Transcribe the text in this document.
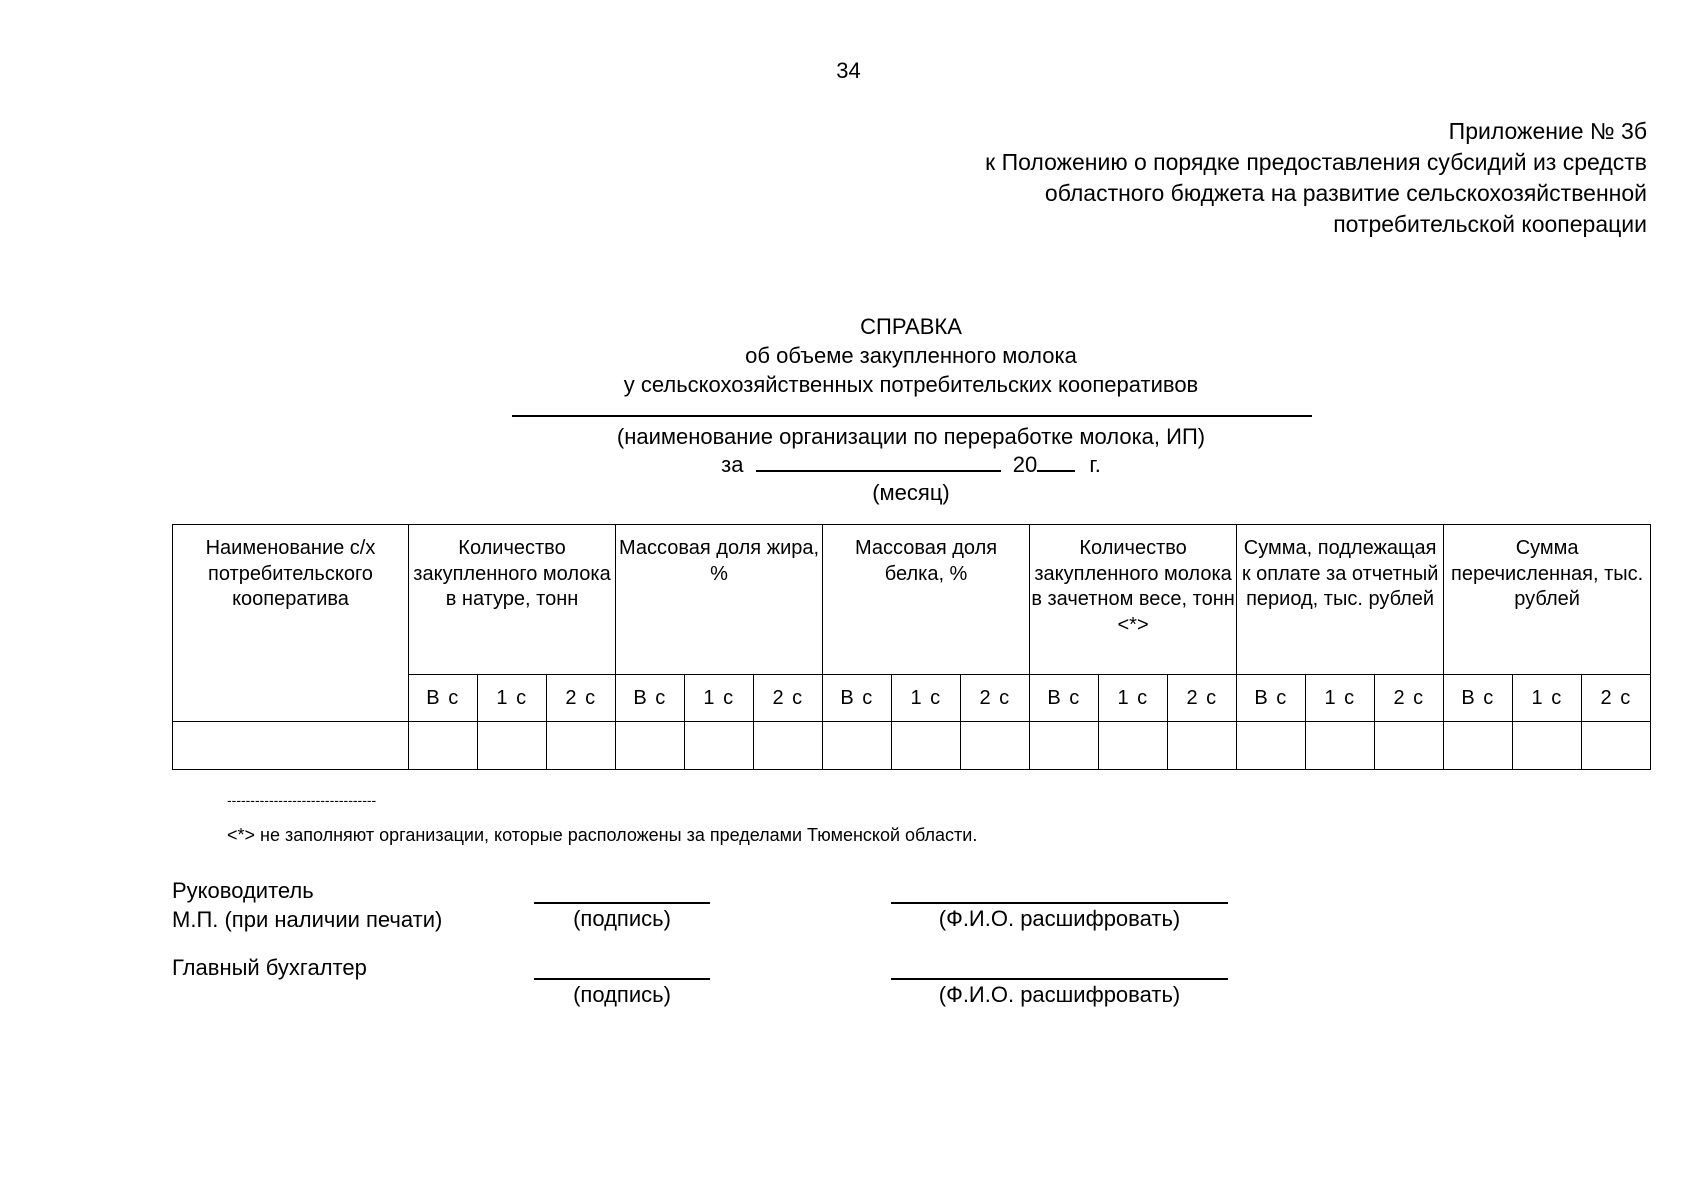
34
Приложение № 3б
к Положению о порядке предоставления субсидий из средств
областного бюджета на развитие сельскохозяйственной
потребительской кооперации
СПРАВКА
об объеме закупленного молока
у сельскохозяйственных потребительских кооперативов
(наименование организации по переработке молока, ИП)
за	20 г.
(месяц)
Наименование с/х потребительского кооператива	Количество закупленного молока в натуре, тонн			Массовая доля жира, %			Массовая доля белка, %			Количество закупленного молока в зачетном весе, тонн <*>			Сумма, подлежащая к оплате за отчетный период, тыс. рублей			Сумма перечисленная, тыс. рублей		
	В с	1 с	2 с	В с	1 с	2 с	В с	1 с	2 с	В с	1 с	2 с	В с	1 с	2 с	В с	1 с	2 с

--------------------------------
<*> не заполняют организации, которые расположены за пределами Тюменской области.
Руководитель
М.П. (при наличии печати)	(подпись)	(Ф.И.О. расшифровать)
Главный бухгалтер
(подпись)	(Ф.И.О. расшифровать)
